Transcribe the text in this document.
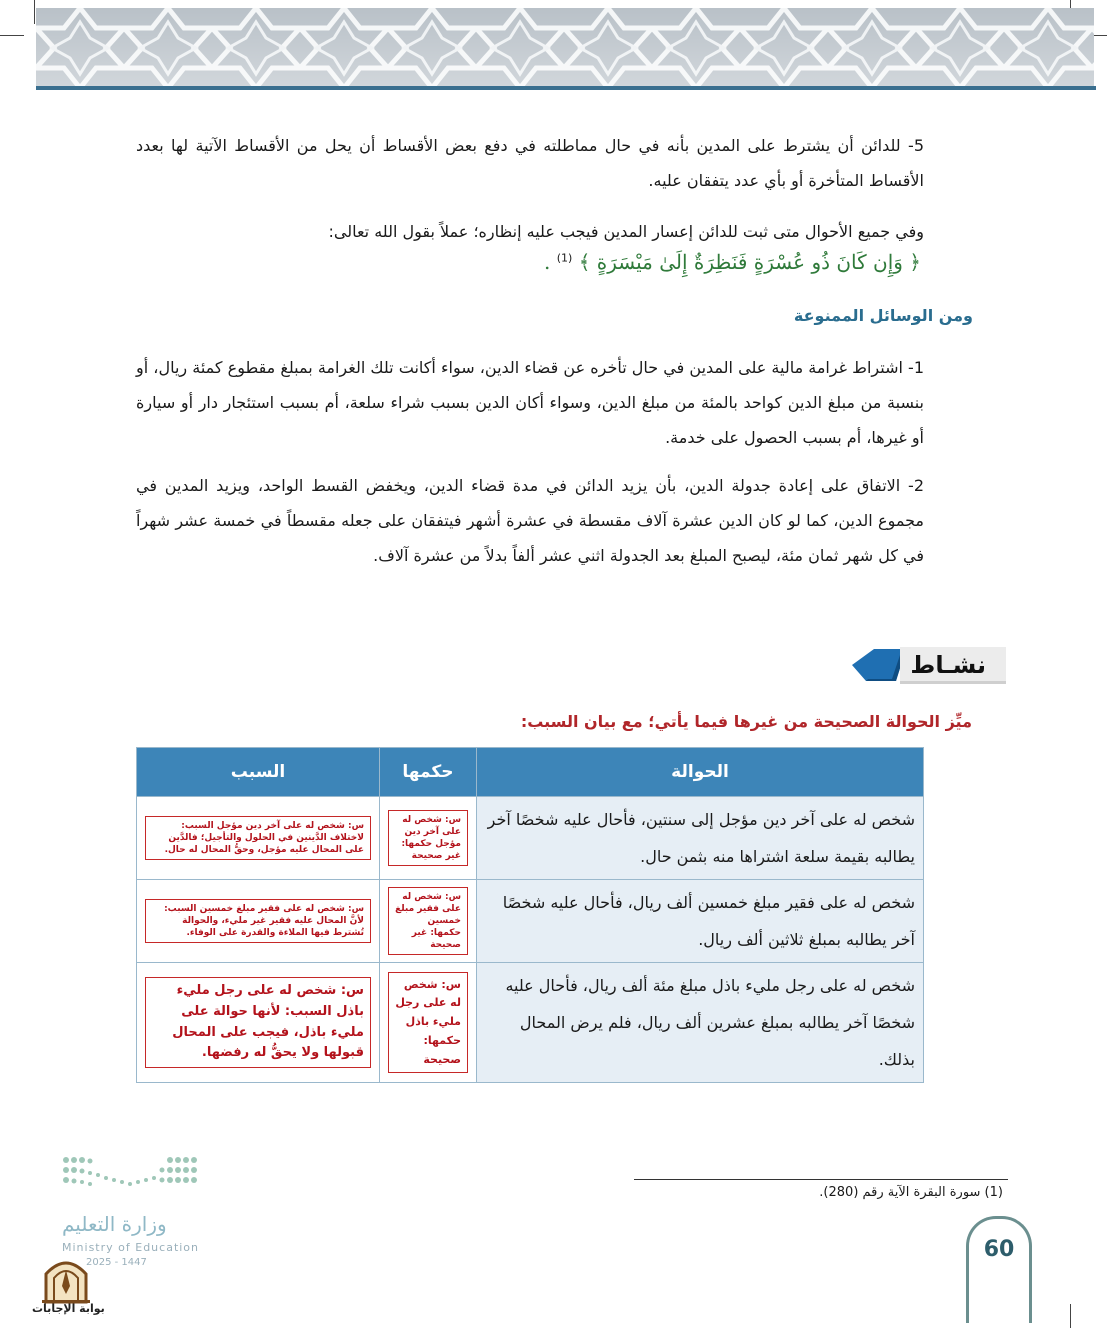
5- للدائن أن يشترط على المدين بأنه في حال مماطلته في دفع بعض الأقساط أن يحل من الأقساط الآتية لها بعدد الأقساط المتأخرة أو بأي عدد يتفقان عليه.
وفي جميع الأحوال متى ثبت للدائن إعسار المدين فيجب عليه إنظاره؛ عملاً بقول الله تعالى:
﴿ وَإِن كَانَ ذُو عُسْرَةٍ فَنَظِرَةٌ إِلَىٰ مَيْسَرَةٍ ﴾ $^{(1)}$ .
ومن الوسائل الممنوعة
1- اشتراط غرامة مالية على المدين في حال تأخره عن قضاء الدين، سواء أكانت تلك الغرامة بمبلغ مقطوع كمئة ريال، أو بنسبة من مبلغ الدين كواحد بالمئة من مبلغ الدين، وسواء أكان الدين بسبب شراء سلعة، أم بسبب استئجار دار أو سيارة أو غيرها، أم بسبب الحصول على خدمة.
2- الاتفاق على إعادة جدولة الدين، بأن يزيد الدائن في مدة قضاء الدين، ويخفض القسط الواحد، ويزيد المدين في مجموع الدين، كما لو كان الدين عشرة آلاف مقسطة في عشرة أشهر فيتفقان على جعله مقسطاً في خمسة عشر شهراً في كل شهر ثمان مئة، ليصبح المبلغ بعد الجدولة اثني عشر ألفاً بدلاً من عشرة آلاف.
نشـاط
ميِّز الحوالة الصحيحة من غيرها فيما يأتي؛ مع بيان السبب:
الحوالة	حكمها	السبب
شخص له على آخر دين مؤجل إلى سنتين، فأحال عليه شخصًا آخر يطالبه بقيمة سلعة اشتراها منه بثمن حال.	س: شخص له على آخر دين مؤجل حكمها: غير صحيحة	س: شخص له على آخر دين مؤجل السبب: لاختلاف الدَّينين في الحلول والتأجيل؛ فالدَّين على المحال عليه مؤجل، وحقُّ المحال له حال.

شخص له على فقير مبلغ خمسين ألف ريال، فأحال عليه شخصًا آخر يطالبه بمبلغ ثلاثين ألف ريال.	س: شخص له على فقير مبلغ خمسين حكمها: غير صحيحة	س: شخص له على فقير مبلغ خمسين السبب: لأنَّ المحال عليه فقير غير مليء، والحوالة تُشترط فيها الملاءة والقدرة على الوفاء.

شخص له على رجل مليء باذل مبلغ مئة ألف ريال، فأحال عليه شخصًا آخر يطالبه بمبلغ عشرين ألف ريال، فلم يرض المحال بذلك.	س: شخص له على رجل مليء باذل حكمها: صحيحة	س: شخص له على رجل مليء باذل السبب: لأنها حوالة على مليء باذل، فيجب على المحال قبولها ولا يحقُّ له رفضها.
(1) سورة البقرة الآية رقم (280).
وزارة التعليم
Ministry of Education
2025 - 1447
بوابة الإجابات
60
